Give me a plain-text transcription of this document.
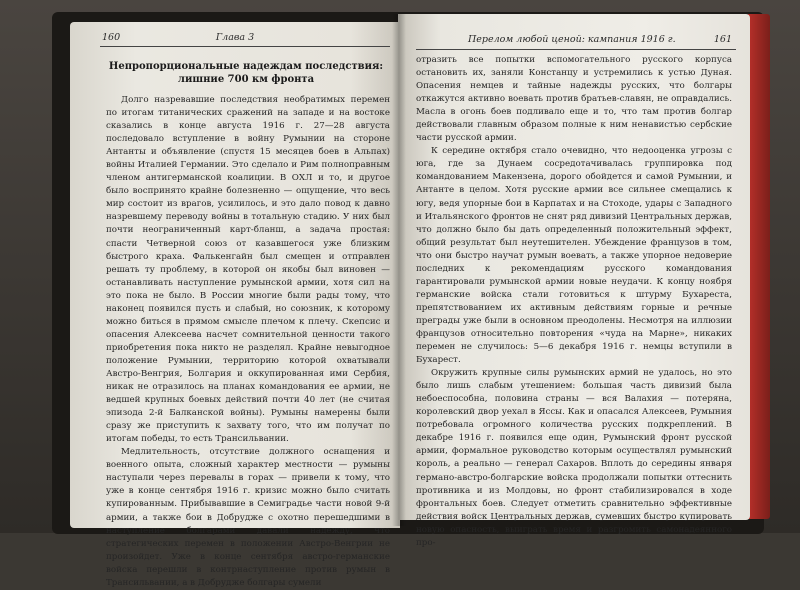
160	Глава 3
Непропорциональные надеждам последствия:
лишние 700 км фронта

Долго назревавшие последствия необратимых перемен по итогам титанических сражений на западе и на востоке сказались в конце августа 1916 г. 27—28 августа последовало вступление в войну Румынии на стороне Антанты и объявление (спустя 15 месяцев боев в Альпах) войны Италией Германии. Это сделало и Рим полноправным членом антигерманской коалиции. В ОХЛ и то, и другое было воспринято крайне болезненно — ощущение, что весь мир состоит из врагов, усилилось, и это дало повод к давно назревшему переводу войны в тотальную стадию. У них был почти неограниченный карт-бланш, а задача простая: спасти Четверной союз от казавшегося уже близким быстрого краха. Фалькенгайн был смещен и отправлен решать ту проблему, в которой он якобы был виновен — останавливать наступление румынской армии, хотя сил на это пока не было. В России многие были рады тому, что наконец появился пусть и слабый, но союзник, к которому можно биться в прямом смысле плечом к плечу. Скепсис и опасения Алексеева насчет сомнительной ценности такого приобретения пока никто не разделял. Крайне невыгодное положение Румынии, территорию которой охватывали Австро-Венгрия, Болгария и оккупированная ими Сербия, никак не отразилось на планах командования ее армии, не ведшей крупных боевых действий почти 40 лет (не считая эпизода 2-й Балканской войны). Румыны намерены были сразу же приступить к захвату того, что им получат по итогам победы, то есть Трансильвании.

Медлительность, отсутствие должного оснащения и военного опыта, сложный характер местности — румыны наступали через перевалы в горах — привели к тому, что уже в конце сентября 1916 г. кризис можно было считать купированным. Прибывавшие в Семиградье части новой 9-й армии, а также бои в Добрудже с охотно перешедшими в наступление болгарами давали надежду, что стратегических перемен в положении Австро-Венгрии не произойдет. Уже в конце сентября австро-германские войска перешли в контрнаступление против румын в Трансильвании, а в Добрудже болгары сумели

Перелом любой ценой: кампания 1916 г.	161

отразить все попытки вспомогательного русского корпуса остановить их, заняли Констанцу и устремились к устью Дуная. Опасения немцев и тайные надежды русских, что болгары откажутся активно воевать против братьев-славян, не оправдались. Масла в огонь боев подливало еще и то, что там против болгар действовали главным образом полные к ним ненавистью сербские части русской армии.

К середине октября стало очевидно, что недооценка угрозы с юга, где за Дунаем сосредотачивалась группировка под командованием Макензена, дорого обойдется и самой Румынии, и Антанте в целом. Хотя русские армии все сильнее смещались к югу, ведя упорные бои в Карпатах и на Стоходе, удары с Западного и Итальянского фронтов не снят ряд дивизий Центральных держав, что должно было бы дать определенный положительный эффект, общий результат был неутешителен. Убеждение французов в том, что они быстро научат румын воевать, а также упорное недоверие последних к рекомендациям русского командования гарантировали румынской армии новые неудачи. К концу ноября германские войска стали готовиться к штурму Бухареста, препятствованием их активным действиям горные и речные преграды уже были в основном преодолены. Несмотря на иллюзии французов относительно повторения «чуда на Марне», никаких перемен не случилось: 5—6 декабря 1916 г. немцы вступили в Бухарест.

Окружить крупные силы румынских армий не удалось, но это было лишь слабым утешением: большая часть дивизий была небоеспособна, половина страны — вся Валахия — потеряна, королевский двор уехал в Яссы. Как и опасался Алексеев, Румыния потребовала огромного количества русских подкреплений. В декабре 1916 г. появился еще один, Румынский фронт русской армии, формальное руководство которым осуществлял румынский король, а реально — генерал Сахаров. Вплоть до середины января германо-австро-болгарские войска продолжали попытки оттеснить противника и из Молдовы, но фронт стабилизировался в ходе фронтальных боев. Следует отметить сравнительно эффективные действия войск Центральных держав, сумевших быстро купировать новую опасность, выиграть время и разгромить самонадеянного про-
